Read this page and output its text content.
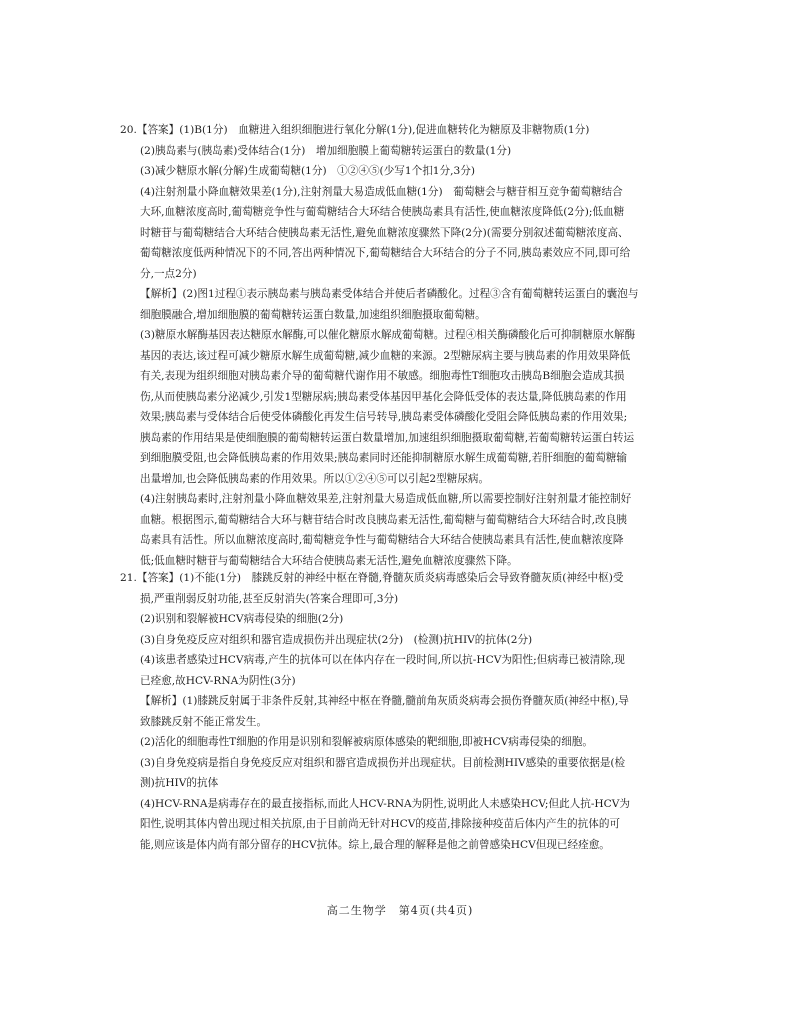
20.【答案】(1)B(1分)　血糖进入组织细胞进行氧化分解(1分),促进血糖转化为糖原及非糖物质(1分)
(2)胰岛素与(胰岛素)受体结合(1分)　增加细胞膜上葡萄糖转运蛋白的数量(1分)
(3)减少糖原水解(分解)生成葡萄糖(1分)　①②④⑤(少写1个扣1分,3分)
(4)注射剂量小降血糖效果差(1分),注射剂量大易造成低血糖(1分)　葡萄糖会与糖苷相互竞争葡萄糖结合
大环,血糖浓度高时,葡萄糖竞争性与葡萄糖结合大环结合使胰岛素具有活性,使血糖浓度降低(2分);低血糖
时糖苷与葡萄糖结合大环结合使胰岛素无活性,避免血糖浓度骤然下降(2分)(需要分别叙述葡萄糖浓度高、
葡萄糖浓度低两种情况下的不同,答出两种情况下,葡萄糖结合大环结合的分子不同,胰岛素效应不同,即可给
分,一点2分)
【解析】(2)图1过程①表示胰岛素与胰岛素受体结合并使后者磷酸化。过程③含有葡萄糖转运蛋白的囊泡与
细胞膜融合,增加细胞膜的葡萄糖转运蛋白数量,加速组织细胞摄取葡萄糖。
(3)糖原水解酶基因表达糖原水解酶,可以催化糖原水解成葡萄糖。过程④相关酶磷酸化后可抑制糖原水解酶
基因的表达,该过程可减少糖原水解生成葡萄糖,减少血糖的来源。2型糖尿病主要与胰岛素的作用效果降低
有关,表现为组织细胞对胰岛素介导的葡萄糖代谢作用不敏感。细胞毒性T细胞攻击胰岛B细胞会造成其损
伤,从而使胰岛素分泌减少,引发1型糖尿病;胰岛素受体基因甲基化会降低受体的表达量,降低胰岛素的作用
效果;胰岛素与受体结合后使受体磷酸化再发生信号转导,胰岛素受体磷酸化受阻会降低胰岛素的作用效果;
胰岛素的作用结果是使细胞膜的葡萄糖转运蛋白数量增加,加速组织细胞摄取葡萄糖,若葡萄糖转运蛋白转运
到细胞膜受阻,也会降低胰岛素的作用效果;胰岛素同时还能抑制糖原水解生成葡萄糖,若肝细胞的葡萄糖输
出量增加,也会降低胰岛素的作用效果。所以①②④⑤可以引起2型糖尿病。
(4)注射胰岛素时,注射剂量小降血糖效果差,注射剂量大易造成低血糖,所以需要控制好注射剂量才能控制好
血糖。根据图示,葡萄糖结合大环与糖苷结合时改良胰岛素无活性,葡萄糖与葡萄糖结合大环结合时,改良胰
岛素具有活性。所以血糖浓度高时,葡萄糖竞争性与葡萄糖结合大环结合使胰岛素具有活性,使血糖浓度降
低;低血糖时糖苷与葡萄糖结合大环结合使胰岛素无活性,避免血糖浓度骤然下降。
21.【答案】(1)不能(1分)　膝跳反射的神经中枢在脊髓,脊髓灰质炎病毒感染后会导致脊髓灰质(神经中枢)受
损,严重削弱反射功能,甚至反射消失(答案合理即可,3分)
(2)识别和裂解被HCV病毒侵染的细胞(2分)
(3)自身免疫反应对组织和器官造成损伤并出现症状(2分)　(检测)抗HIV的抗体(2分)
(4)该患者感染过HCV病毒,产生的抗体可以在体内存在一段时间,所以抗-HCV为阳性;但病毒已被清除,现
已痊愈,故HCV-RNA为阴性(3分)
【解析】(1)膝跳反射属于非条件反射,其神经中枢在脊髓,髓前角灰质炎病毒会损伤脊髓灰质(神经中枢),导
致膝跳反射不能正常发生。
(2)活化的细胞毒性T细胞的作用是识别和裂解被病原体感染的靶细胞,即被HCV病毒侵染的细胞。
(3)自身免疫病是指自身免疫反应对组织和器官造成损伤并出现症状。目前检测HIV感染的重要依据是(检
测)抗HIV的抗体
(4)HCV-RNA是病毒存在的最直接指标,而此人HCV-RNA为阴性,说明此人未感染HCV;但此人抗-HCV为
阳性,说明其体内曾出现过相关抗原,由于目前尚无针对HCV的疫苗,排除接种疫苗后体内产生的抗体的可
能,则应该是体内尚有部分留存的HCV抗体。综上,最合理的解释是他之前曾感染HCV但现已经痊愈。
高二生物学　第4页(共4页)
